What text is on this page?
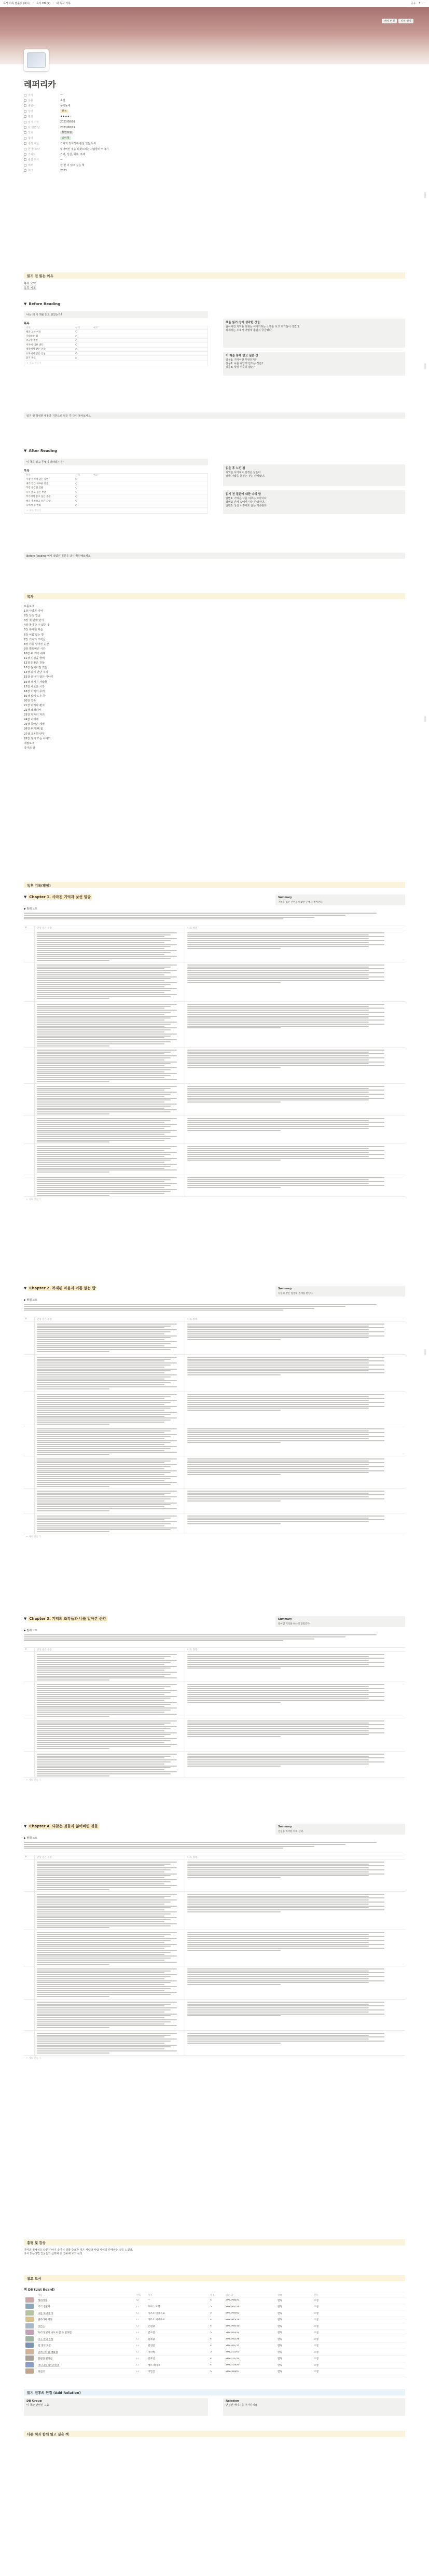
독서 기록 템플릿 (예시) / 독서 DB (2) / 내 독서 기록	공유 ★ ⋯
커버 변경	위치 변경
레퍼리카
저자	—
분류	소설
출판사	문학동네
상태	완독
평점	★★★★☆
읽기 시작	2023/08/01
다 읽은 날	2023/08/21
장르	장편소설
형태	종이책
추천 대상	기억과 정체성에 관심 있는 독자
한 줄 요약	잃어버린 것을 되찾으려는 사람들의 이야기
키워드	기억, 상실, 회복, 복제
관련 도서	—
메모	한 번 더 읽고 싶은 책
태그	2023
읽기 전 읽는 이유
목차 요약
독후 기록
▼ Before Reading
나는 왜 이 책을 읽고 싶었는가?
목록
항목	상태	메모
책을 고른 이유	○
기대하는 점	○
궁금한 질문	○
저자에 대한 생각	○
제목에서 받은 인상	○
표지에서 받은 인상	○
읽기 목표	○
+ 새로 만들기
책을 읽기 전에 생각한 것들
잃어버린 기억을 되찾는 이야기라는 소개를 보고 호기심이 생겼다.
복제라는 소재가 어떻게 풀릴지 궁금했다.
이 책을 통해 얻고 싶은 것
질문1: 기억이란 무엇인가?
질문2: 나를 나답게 만드는 것은?
질문3: 상실 이후의 삶은?
읽기 전 작성한 내용을 기반으로 읽은 후 다시 돌아보세요.
▼ After Reading
이 책을 읽고 무엇이 달라졌는가?
목록
항목	상태	메모
가장 기억에 남는 장면	○
내가 얻은 새로운 관점	○
가장 공감한 인물	○
다시 읽고 싶은 부분	○
작가에게 묻고 싶은 질문	○
책을 추천하고 싶은 사람	○
나에게 준 변화	○
+ 새로 만들기
읽은 후 느낀 점
기억은 사라져도 감정은 남는다.
결국 사람을 붙잡는 것은 관계였다.
읽기 전 질문에 대한 나의 답
답변1: 기억은 나를 이루는 조각이다.
답변2: 관계 속에서 나는 완성된다.
답변3: 상실 이후에도 삶은 계속된다.
Before Reading 에서 적었던 질문을 다시 확인해보세요.
목차
프롤로그
1장 사라진 기억
2장 낯선 얼굴
3장 첫 번째 단서
4장 돌아갈 수 없는 곳
5장 복제된 마음
6장 이름 없는 방
7장 기억의 조각들
8장 너를 알아본 순간
9장 멈춰버린 시간
10장 두 개의 세계
11장 진실을 향해
12장 되찾은 것들
13장 잃어버린 것들
14장 다시 만난 우리
15장 끝나지 않은 이야기
16장 남겨진 사람들
17장 새로운 시작
18장 기억의 무게
19장 빛이 드는 창
20장 약속
21장 마지막 편지
22장 레퍼리카
23장 각자의 자리
24장 너에게
25장 돌아온 계절
26장 두 번째 봄
27장 조용한 안부
28장 다시 쓰는 이야기
에필로그
작가의 말
독후 기록(발췌)
▼ Chapter 1. 사라진 기억과 낯선 얼굴	Summary
기억을 잃은 주인공이 낯선 곳에서 깨어난다.
▶ 발췌 노트
#	인상 깊은 문장	나의 생각
+ 새로 만들기
▼ Chapter 2. 복제된 마음과 이름 없는 방	Summary
자신과 같은 얼굴의 존재를 만난다.
▶ 발췌 노트
#	인상 깊은 문장	나의 생각
+ 새로 만들기
▼ Chapter 3. 기억의 조각들과 너를 알아본 순간	Summary
흩어진 기억을 하나씩 맞춰간다.
▶ 발췌 노트
#	인상 깊은 문장	나의 생각
+ 새로 만들기
▼ Chapter 4. 되찾은 것들과 잃어버린 것들	Summary
진실을 마주한 뒤의 선택.
▶ 발췌 노트
#	인상 깊은 문장	나의 생각
+ 새로 만들기
총평 및 감상
기억과 정체성을 다룬 이야기 속에서 결국 중요한 것은 사람과 사람 사이의 관계라는 것을 느꼈다.
다시 읽는다면 인물들의 선택에 더 집중해 보고 싶다.
참고 도서
책 DB (List Board)
이름	완독	저자	평점	읽은 날	상태	분류
레퍼리카	☑	—	4	2023/08/21	완독	소설
기억 전달자	☐	로이스 로리	5	2023/07/14	완독	소설
나를 보내지 마	☐	가즈오 이시구로	5	2023/06/02	완독	소설
클라라와 태양	☐	가즈오 이시구로	4	2023/05/19	완독	소설
아몬드	☐	손원평	4	2023/04/10	완독	소설
우리가 빛의 속도로 갈 수 없다면	☐	김초엽	5	2023/03/22	완독	소설
지구 끝의 온실	☐	김초엽	4	2023/02/28	완독	소설
천 개의 파랑	☐	천선란	4	2023/01/15	완독	소설
달러구트 꿈 백화점	☐	이미예	3	2022/12/03	완독	소설
불편한 편의점	☐	김호연	4	2022/11/11	완독	소설
미드나잇 라이브러리	☐	매트 헤이그	4	2022/10/20	완독	소설
파친코	☐	이민진	5	2022/09/07	완독	소설
읽기 전후의 연결 (Add Relation)
DB Group
이 책과 관련된 그룹
Relation
연결된 페이지를 추가하세요
다른 책과 함께 읽고 싶은 책
